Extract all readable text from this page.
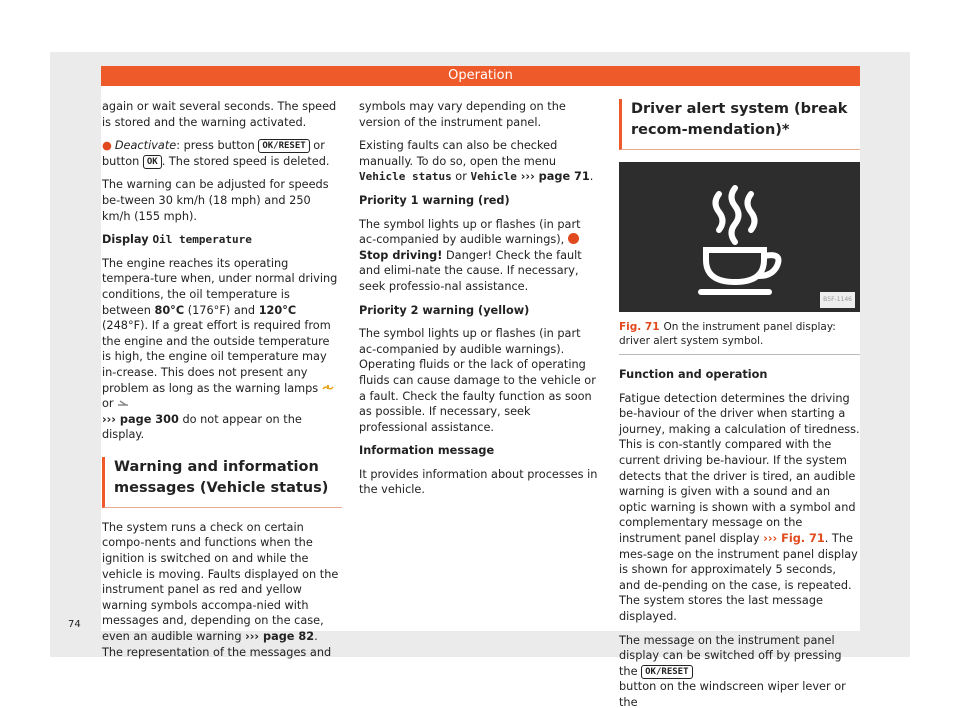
Operation

again or wait several seconds. The speed is stored and the warning activated.

● Deactivate: press button OK/RESET or button OK . The stored speed is deleted.

The warning can be adjusted for speeds be-tween 30 km/h (18 mph) and 250 km/h (155 mph).

Display Oil temperature

The engine reaches its operating tempera-ture when, under normal driving conditions, the oil temperature is between 80°C (176°F) and 120°C (248°F). If a great effort is required from the engine and the outside temperature is high, the engine oil temperature may in-crease. This does not present any problem as long as the warning lamps  or
››› page 300 do not appear on the display.

Warning and information messages (Vehicle status)

The system runs a check on certain compo-nents and functions when the ignition is switched on and while the vehicle is moving. Faults displayed on the instrument panel as red and yellow warning symbols accompa-nied with messages and, depending on the case, even an audible warning ››› page 82. The representation of the messages and

symbols may vary depending on the version of the instrument panel.

Existing faults can also be checked manually. To do so, open the menu Vehicle status or Vehicle ››› page 71.

Priority 1 warning (red)

The symbol lights up or flashes (in part ac-companied by audible warnings),  Stop driving! Danger! Check the fault and elimi-nate the cause. If necessary, seek professio-nal assistance.

Priority 2 warning (yellow)

The symbol lights up or flashes (in part ac-companied by audible warnings). Operating fluids or the lack of operating fluids can cause damage to the vehicle or a fault. Check the faulty function as soon as possible. If necessary, seek professional assistance.

Information message

It provides information about processes in the vehicle.

Driver alert system (break recom-mendation)*
B5F-1146
Fig. 71 On the instrument panel display: driver alert system symbol.

Function and operation

Fatigue detection determines the driving be-haviour of the driver when starting a journey, making a calculation of tiredness. This is con-stantly compared with the current driving be-haviour. If the system detects that the driver is tired, an audible warning is given with a sound and an optic warning is shown with a symbol and complementary message on the instrument panel display ››› Fig. 71. The mes-sage on the instrument panel display is shown for approximately 5 seconds, and de-pending on the case, is repeated. The system stores the last message displayed.

The message on the instrument panel display can be switched off by pressing the OK/RESET
button on the windscreen wiper lever or the

74
